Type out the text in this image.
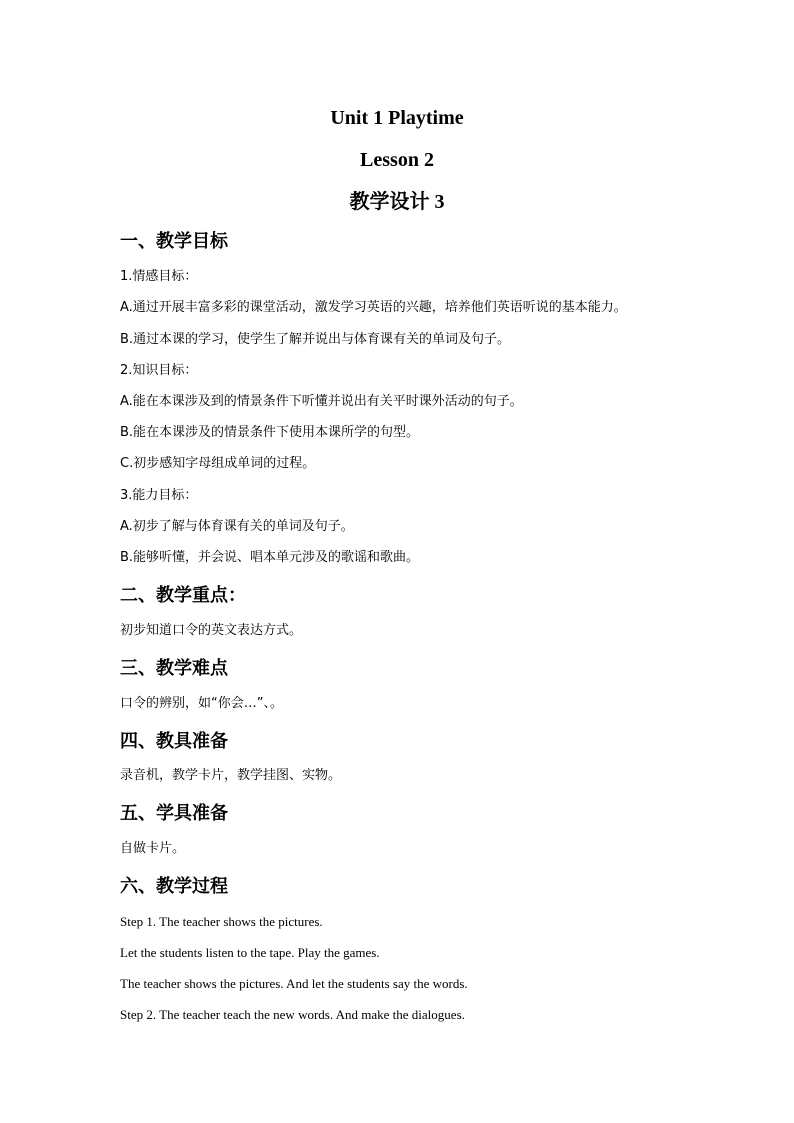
Unit 1 Playtime
Lesson 2
教学设计 3
一、教学目标
1.情感目标：
A.通过开展丰富多彩的课堂活动，激发学习英语的兴趣，培养他们英语听说的基本能力。
B.通过本课的学习，使学生了解并说出与体育课有关的单词及句子。
2.知识目标：
A.能在本课涉及到的情景条件下听懂并说出有关平时课外活动的句子。
B.能在本课涉及的情景条件下使用本课所学的句型。
C.初步感知字母组成单词的过程。
3.能力目标：
A.初步了解与体育课有关的单词及句子。
B.能够听懂，并会说、唱本单元涉及的歌谣和歌曲。
二、教学重点：
初步知道口令的英文表达方式。
三、教学难点
口令的辨别，如“你会…”、。
四、教具准备
录音机，教学卡片，教学挂图、实物。
五、学具准备
自做卡片。
六、教学过程
Step 1. The teacher shows the pictures.
Let the students listen to the tape. Play the games.
The teacher shows the pictures. And let the students say the words.
Step 2. The teacher teach the new words. And make the dialogues.
